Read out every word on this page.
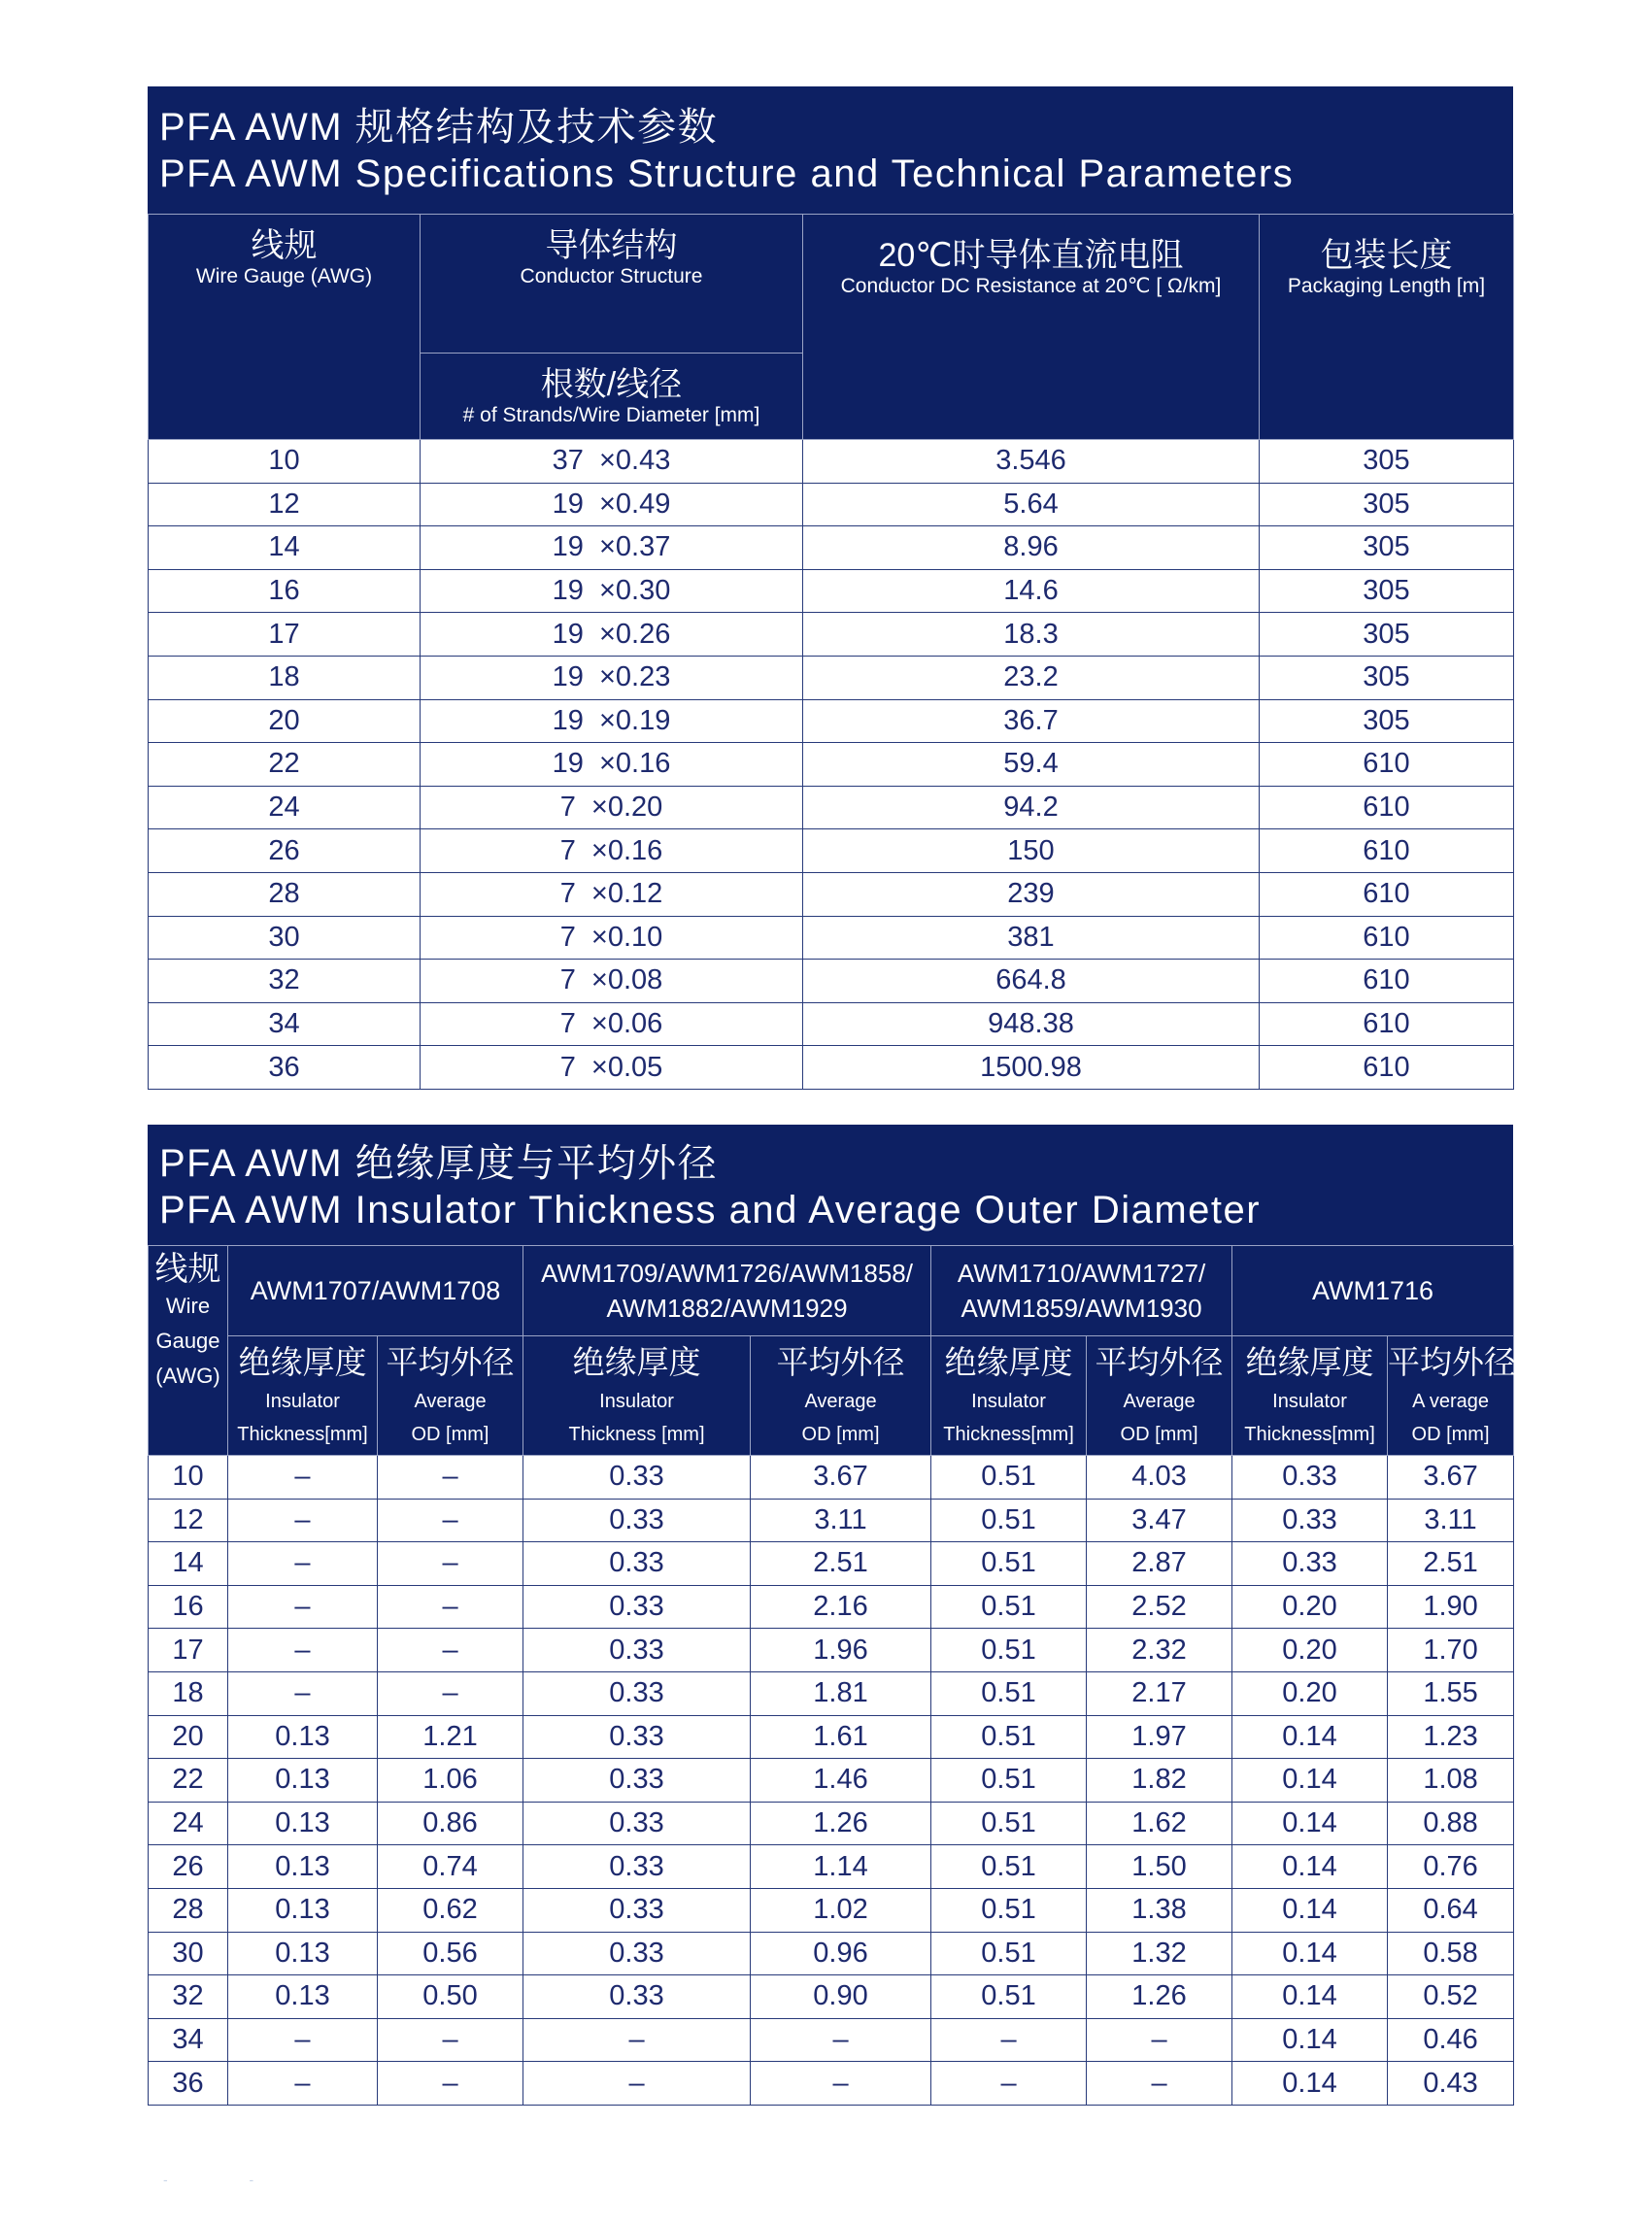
PFA AWM 规格结构及技术参数
PFA AWM Specifications Structure and Technical Parameters
线规
Wire Gauge (AWG)	导体结构
Conductor Structure	20℃时导体直流电阻
Conductor DC Resistance at 20℃ [ Ω/km]	包装长度
Packaging Length [m]

	根数/线径
# of Strands/Wire Diameter [mm]		

10	37  ×0.43	3.546	305
12	19  ×0.49	5.64	305
14	19  ×0.37	8.96	305
16	19  ×0.30	14.6	305
17	19  ×0.26	18.3	305
18	19  ×0.23	23.2	305
20	19  ×0.19	36.7	305
22	19  ×0.16	59.4	610
24	7  ×0.20	94.2	610
26	7  ×0.16	150	610
28	7  ×0.12	239	610
30	7  ×0.10	381	610
32	7  ×0.08	664.8	610
34	7  ×0.06	948.38	610
36	7  ×0.05	1500.98	610
PFA AWM 绝缘厚度与平均外径
PFA AWM Insulator Thickness and Average Outer Diameter
线规
Wire
Gauge
(AWG)	AWM1707/AWM1708		AWM1709/AWM1726/AWM1858/
AWM1882/AWM1929		AWM1710/AWM1727/
AWM1859/AWM1930		AWM1716	

	绝缘厚度
Insulator
Thickness[mm]	平均外径
Average
OD [mm]	绝缘厚度
Insulator
Thickness [mm]	平均外径
Average
OD [mm]	绝缘厚度
Insulator
Thickness[mm]	平均外径
Average
OD [mm]	绝缘厚度
Insulator
Thickness[mm]	平均外径
A verage
OD [mm]

10	–	–	0.33	3.67	0.51	4.03	0.33	3.67
12	–	–	0.33	3.11	0.51	3.47	0.33	3.11
14	–	–	0.33	2.51	0.51	2.87	0.33	2.51
16	–	–	0.33	2.16	0.51	2.52	0.20	1.90
17	–	–	0.33	1.96	0.51	2.32	0.20	1.70
18	–	–	0.33	1.81	0.51	2.17	0.20	1.55
20	0.13	1.21	0.33	1.61	0.51	1.97	0.14	1.23
22	0.13	1.06	0.33	1.46	0.51	1.82	0.14	1.08
24	0.13	0.86	0.33	1.26	0.51	1.62	0.14	0.88
26	0.13	0.74	0.33	1.14	0.51	1.50	0.14	0.76
28	0.13	0.62	0.33	1.02	0.51	1.38	0.14	0.64
30	0.13	0.56	0.33	0.96	0.51	1.32	0.14	0.58
32	0.13	0.50	0.33	0.90	0.51	1.26	0.14	0.52
34	–	–	–	–	–	–	0.14	0.46
36	–	–	–	–	–	–	0.14	0.43
‐ ‐
